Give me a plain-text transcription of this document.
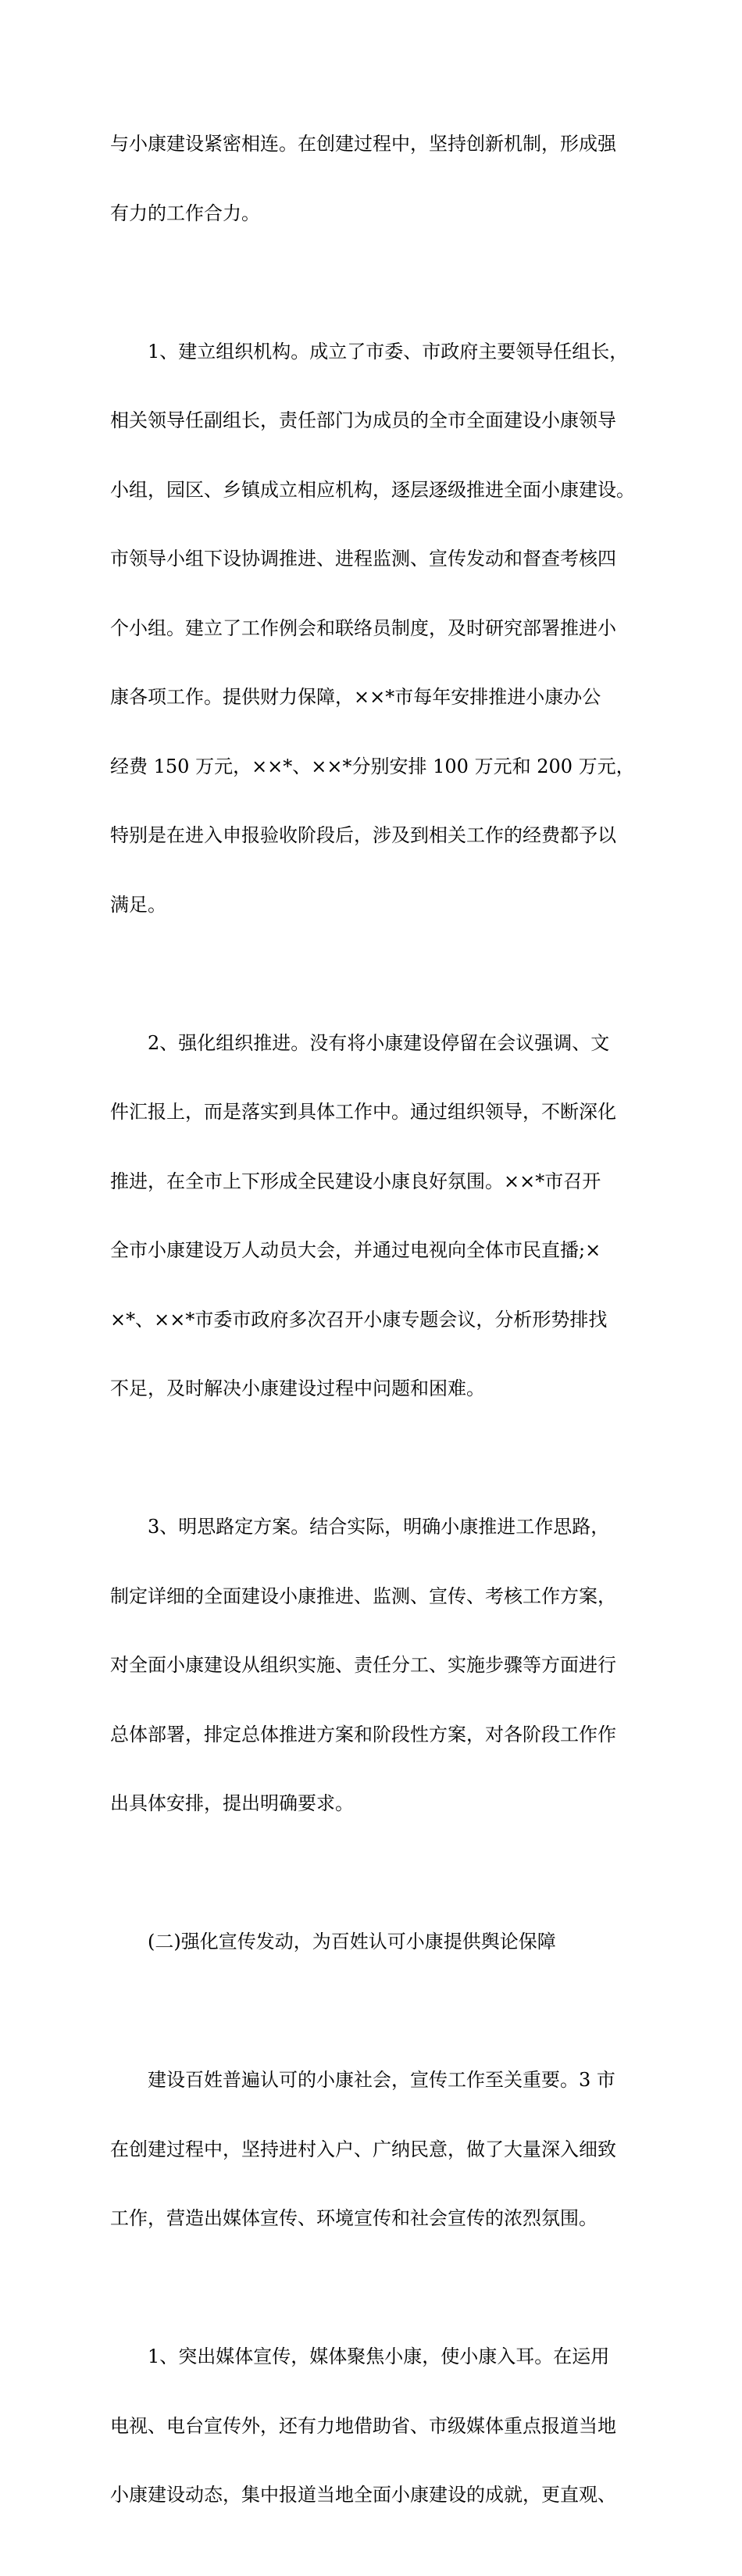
与小康建设紧密相连。在创建过程中，坚持创新机制，形成强

有力的工作合力。

1、建立组织机构。成立了市委、市政府主要领导任组长，

相关领导任副组长，责任部门为成员的全市全面建设小康领导

小组，园区、乡镇成立相应机构，逐层逐级推进全面小康建设。

市领导小组下设协调推进、进程监测、宣传发动和督查考核四

个小组。建立了工作例会和联络员制度，及时研究部署推进小

康各项工作。提供财力保障，××*市每年安排推进小康办公

经费 150 万元，××*、××*分别安排 100 万元和 200 万元，

特别是在进入申报验收阶段后，涉及到相关工作的经费都予以

满足。

2、强化组织推进。没有将小康建设停留在会议强调、文

件汇报上，而是落实到具体工作中。通过组织领导，不断深化

推进，在全市上下形成全民建设小康良好氛围。××*市召开

全市小康建设万人动员大会，并通过电视向全体市民直播;×

×*、××*市委市政府多次召开小康专题会议，分析形势排找

不足，及时解决小康建设过程中问题和困难。

3、明思路定方案。结合实际，明确小康推进工作思路，

制定详细的全面建设小康推进、监测、宣传、考核工作方案，

对全面小康建设从组织实施、责任分工、实施步骤等方面进行

总体部署，排定总体推进方案和阶段性方案，对各阶段工作作

出具体安排，提出明确要求。

(二)强化宣传发动，为百姓认可小康提供舆论保障

建设百姓普遍认可的小康社会，宣传工作至关重要。3 市

在创建过程中，坚持进村入户、广纳民意，做了大量深入细致

工作，营造出媒体宣传、环境宣传和社会宣传的浓烈氛围。

1、突出媒体宣传，媒体聚焦小康，使小康入耳。在运用

电视、电台宣传外，还有力地借助省、市级媒体重点报道当地

小康建设动态，集中报道当地全面小康建设的成就，更直观、
